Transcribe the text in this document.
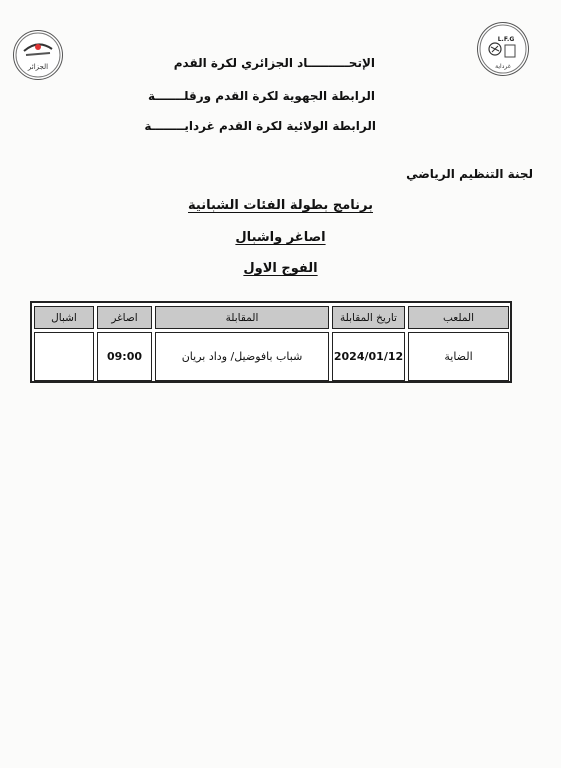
الجزائر
L.F.G
غرداية
الإتحــــــــــاد الجزائري لكرة القدم
الرابطة الجهوية لكرة القدم ورقلـــــــة
الرابطة الولائية لكرة القدم غردايــــــــة
لجنة التنظيم الرياضي
برنامج بطولة الفئات الشبانية
اصاغر واشبال
الفوج الاول
الملعب
تاريخ المقابلة
المقابلة
اصاغر
اشبال
الضاية
2024/01/12
شباب بافوضيل/ وداد بريان
09:00
